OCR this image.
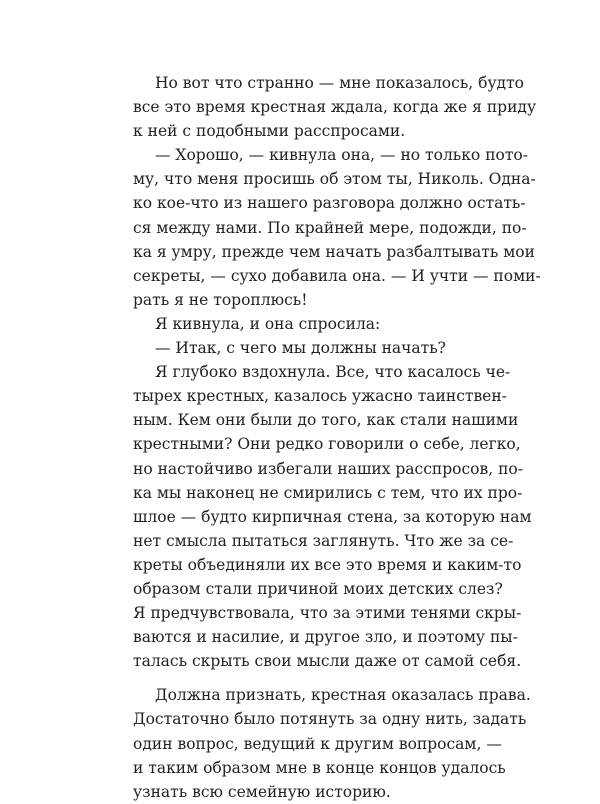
Но вот что странно — мне показалось, будто
все это время крестная ждала, когда же я приду
к ней с подобными расспросами.

— Хорошо, — кивнула она, — но только пото-
му, что меня просишь об этом ты, Николь. Одна-
ко кое-что из нашего разговора должно остать-
ся между нами. По крайней мере, подожди, по-
ка я умру, прежде чем начать разбалтывать мои
секреты, — сухо добавила она. — И учти — поми-
рать я не тороплюсь!

Я кивнула, и она спросила:

— Итак, с чего мы должны начать?

Я глубоко вздохнула. Все, что касалось че-
тырех крестных, казалось ужасно таинствен-
ным. Кем они были до того, как стали нашими
крестными? Они редко говорили о себе, легко,
но настойчиво избегали наших расспросов, по-
ка мы наконец не смирились с тем, что их про-
шлое — будто кирпичная стена, за которую нам
нет смысла пытаться заглянуть. Что же за се-
креты объединяли их все это время и каким-то
образом стали причиной моих детских слез?
Я предчувствовала, что за этими тенями скры-
ваются и насилие, и другое зло, и поэтому пы-
талась скрыть свои мысли даже от самой себя.

Должна признать, крестная оказалась права.
Достаточно было потянуть за одну нить, задать
один вопрос, ведущий к другим вопросам, —
и таким образом мне в конце концов удалось
узнать всю семейную историю.
